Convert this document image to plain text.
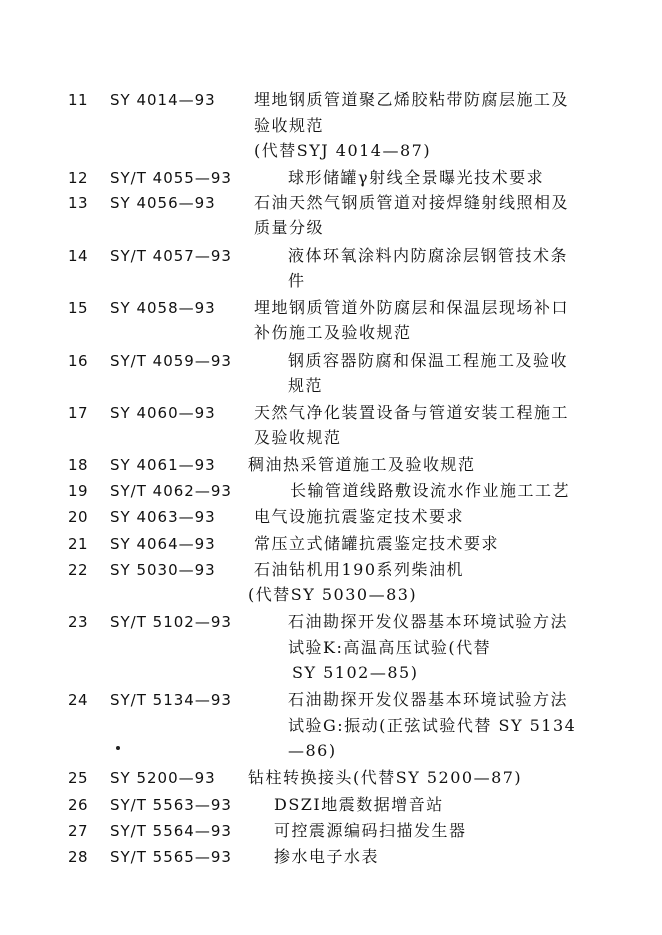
11 SY 4014—93 埋地钢质管道聚乙烯胶粘带防腐层施工及
验收规范
(代替SYJ 4014—87)
12 SY/T 4055—93	球形储罐γ射线全景曝光技术要求
13 SY 4056—93 石油天然气钢质管道对接焊缝射线照相及
质量分级
14 SY/T 4057—93	液体环氧涂料内防腐涂层钢管技术条
件
15 SY 4058—93 埋地钢质管道外防腐层和保温层现场补口
补伤施工及验收规范
16 SY/T 4059—93	钢质容器防腐和保温工程施工及验收
规范
17 SY 4060—93 天然气净化装置设备与管道安装工程施工
及验收规范
18 SY 4061—93 稠油热采管道施工及验收规范
19 SY/T 4062—93	长输管道线路敷设流水作业施工工艺
20 SY 4063—93 电气设施抗震鉴定技术要求
21 SY 4064—93 常压立式储罐抗震鉴定技术要求
22 SY 5030—93 石油钻机用190系列柴油机
(代替SY 5030—83)
23 SY/T 5102—93	石油勘探开发仪器基本环境试验方法
试验K:高温高压试验(代替
SY 5102—85)
24 SY/T 5134—93	石油勘探开发仪器基本环境试验方法
试验G:振动(正弦试验代替 SY 5134
—86)
25 SY 5200—93 钻柱转换接头(代替SY 5200—87)
26 SY/T 5563—93	DSZI地震数据增音站
27 SY/T 5564—93	可控震源编码扫描发生器
28 SY/T 5565—93	掺水电子水表
